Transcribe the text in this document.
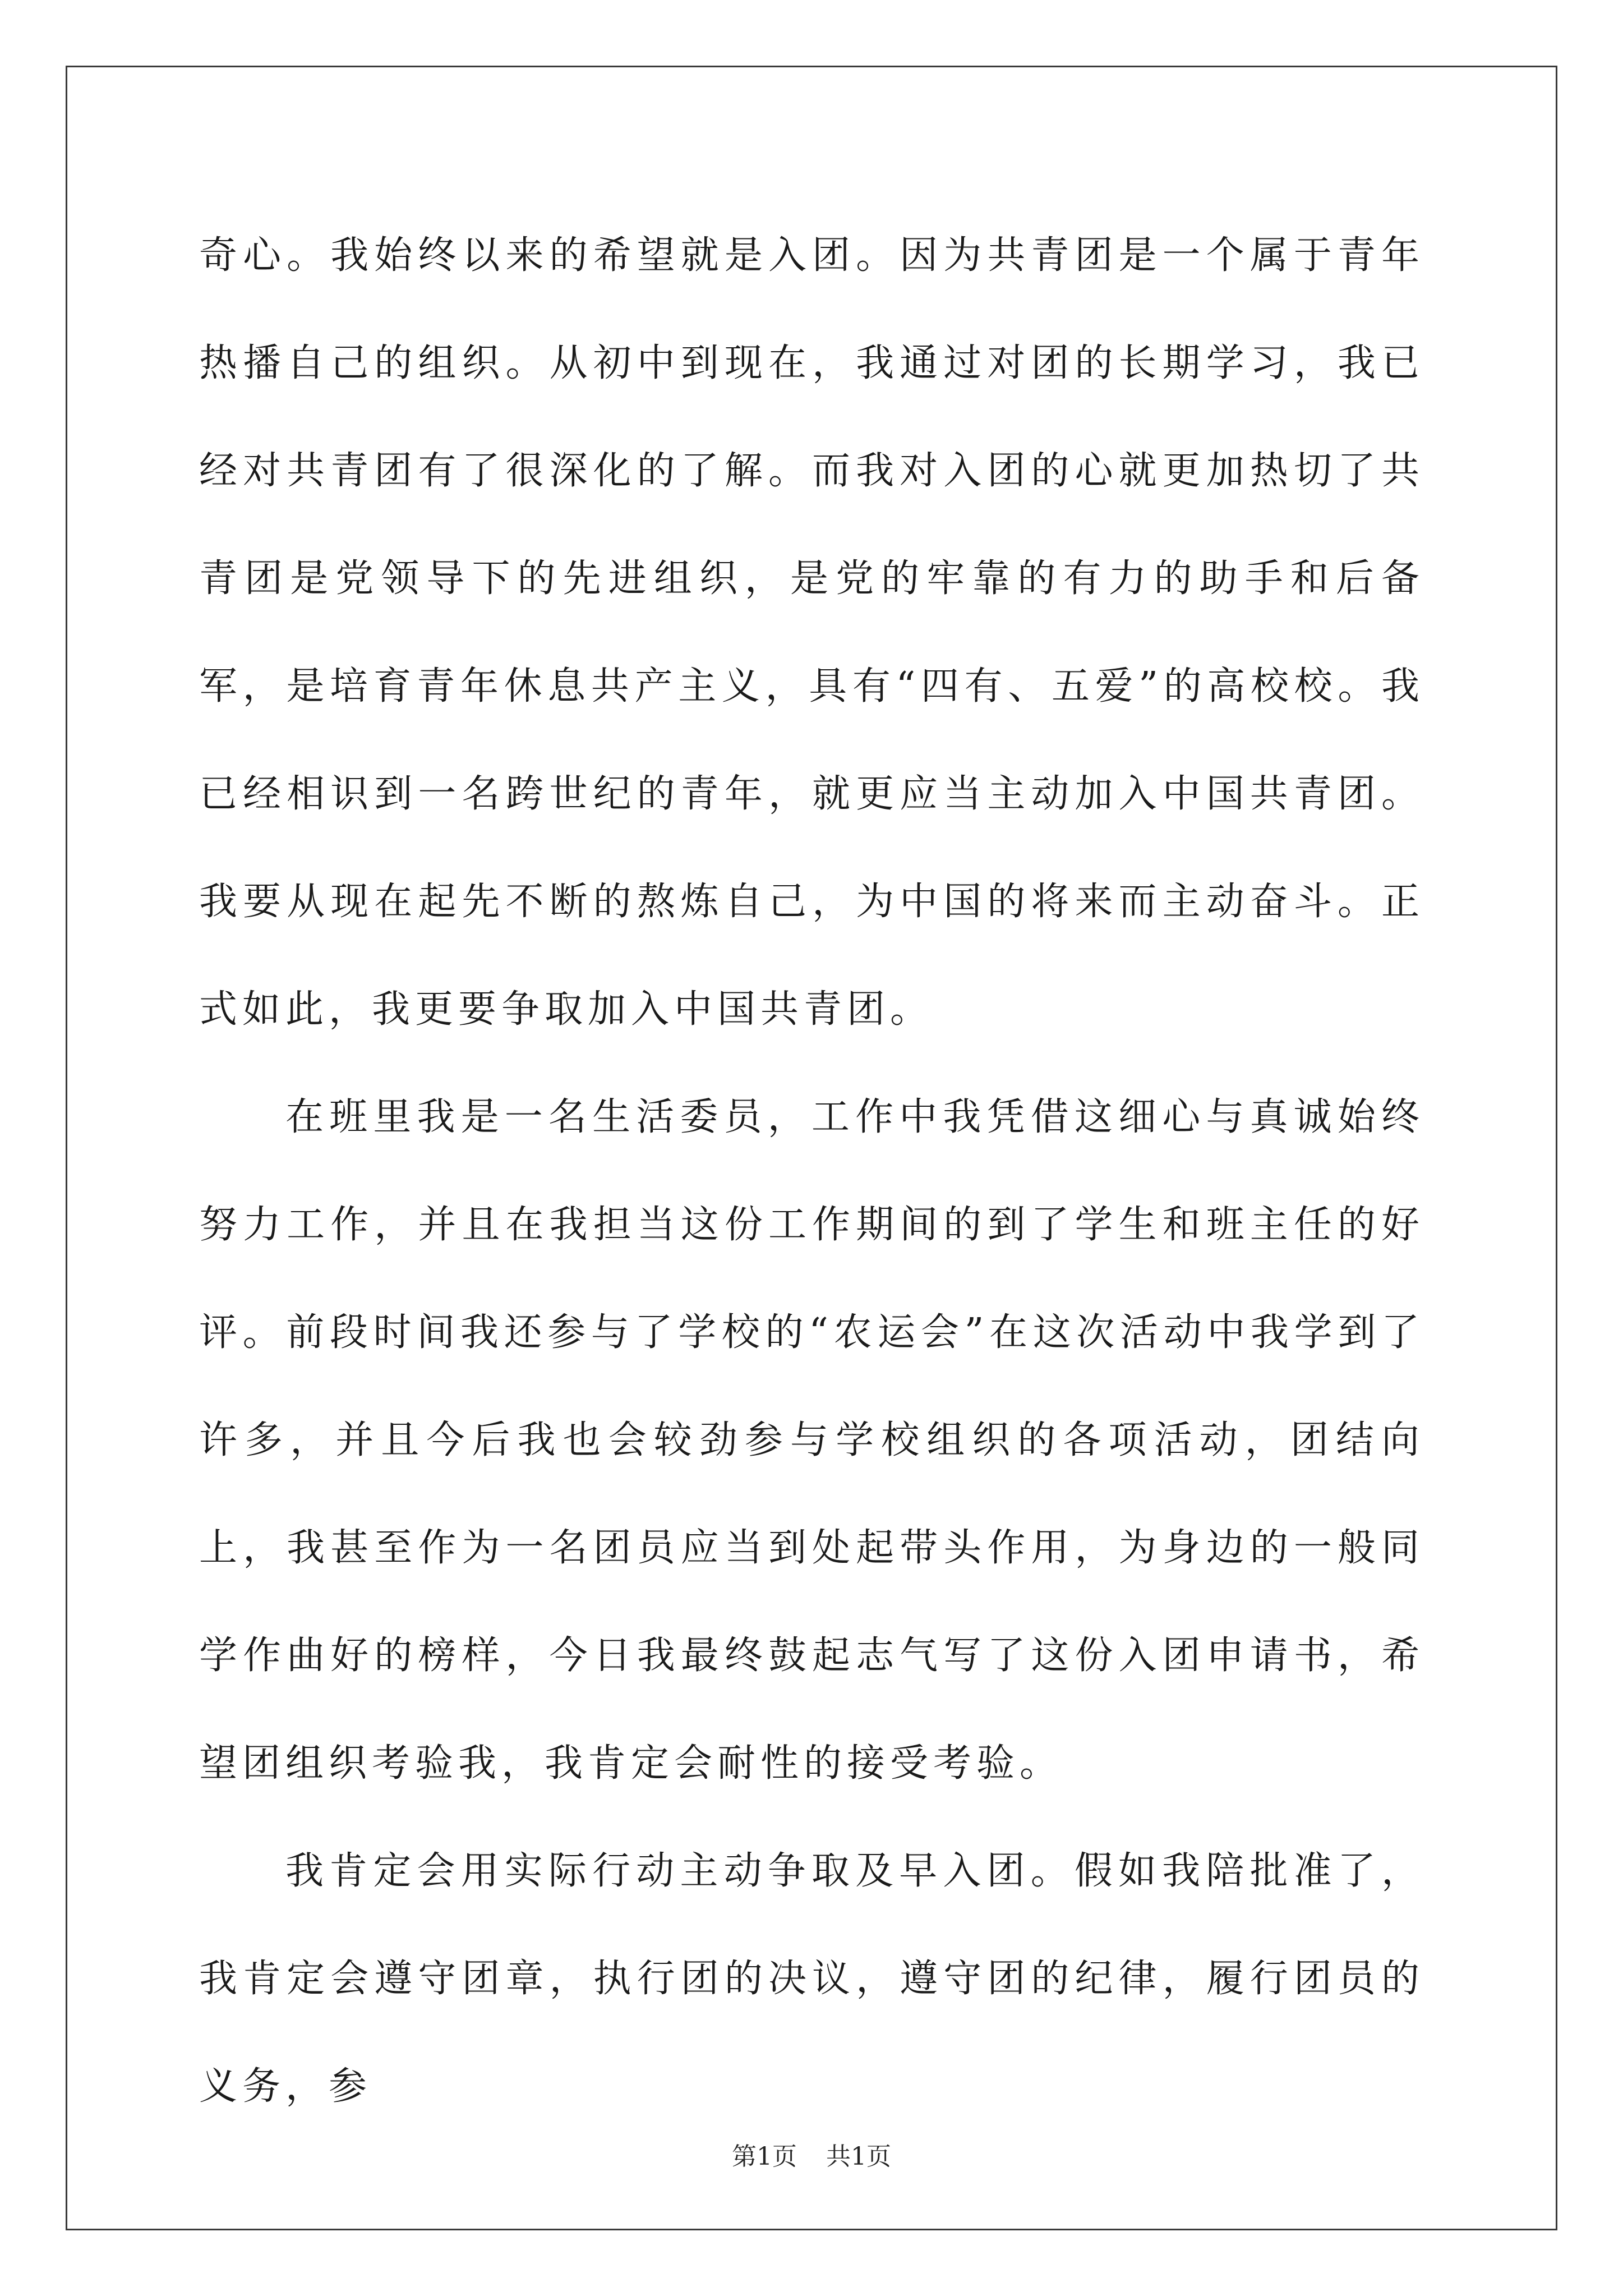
奇心。我始终以来的希望就是入团。因为共青团是一个属于青年热播自己的组织。从初中到现在，我通过对团的长期学习，我已经对共青团有了很深化的了解。而我对入团的心就更加热切了共青团是党领导下的先进组织，是党的牢靠的有力的助手和后备军，是培育青年休息共产主义，具有“四有、五爱”的高校校。我已经相识到一名跨世纪的青年，就更应当主动加入中国共青团。我要从现在起先不断的熬炼自己，为中国的将来而主动奋斗。正式如此，我更要争取加入中国共青团。

在班里我是一名生活委员，工作中我凭借这细心与真诚始终努力工作，并且在我担当这份工作期间的到了学生和班主任的好评。前段时间我还参与了学校的“农运会”在这次活动中我学到了许多，并且今后我也会较劲参与学校组织的各项活动，团结向上，我甚至作为一名团员应当到处起带头作用，为身边的一般同学作曲好的榜样，今日我最终鼓起志气写了这份入团申请书，希望团组织考验我，我肯定会耐性的接受考验。

我肯定会用实际行动主动争取及早入团。假如我陪批准了，我肯定会遵守团章，执行团的决议，遵守团的纪律，履行团员的义务，参

第1页 共1页
